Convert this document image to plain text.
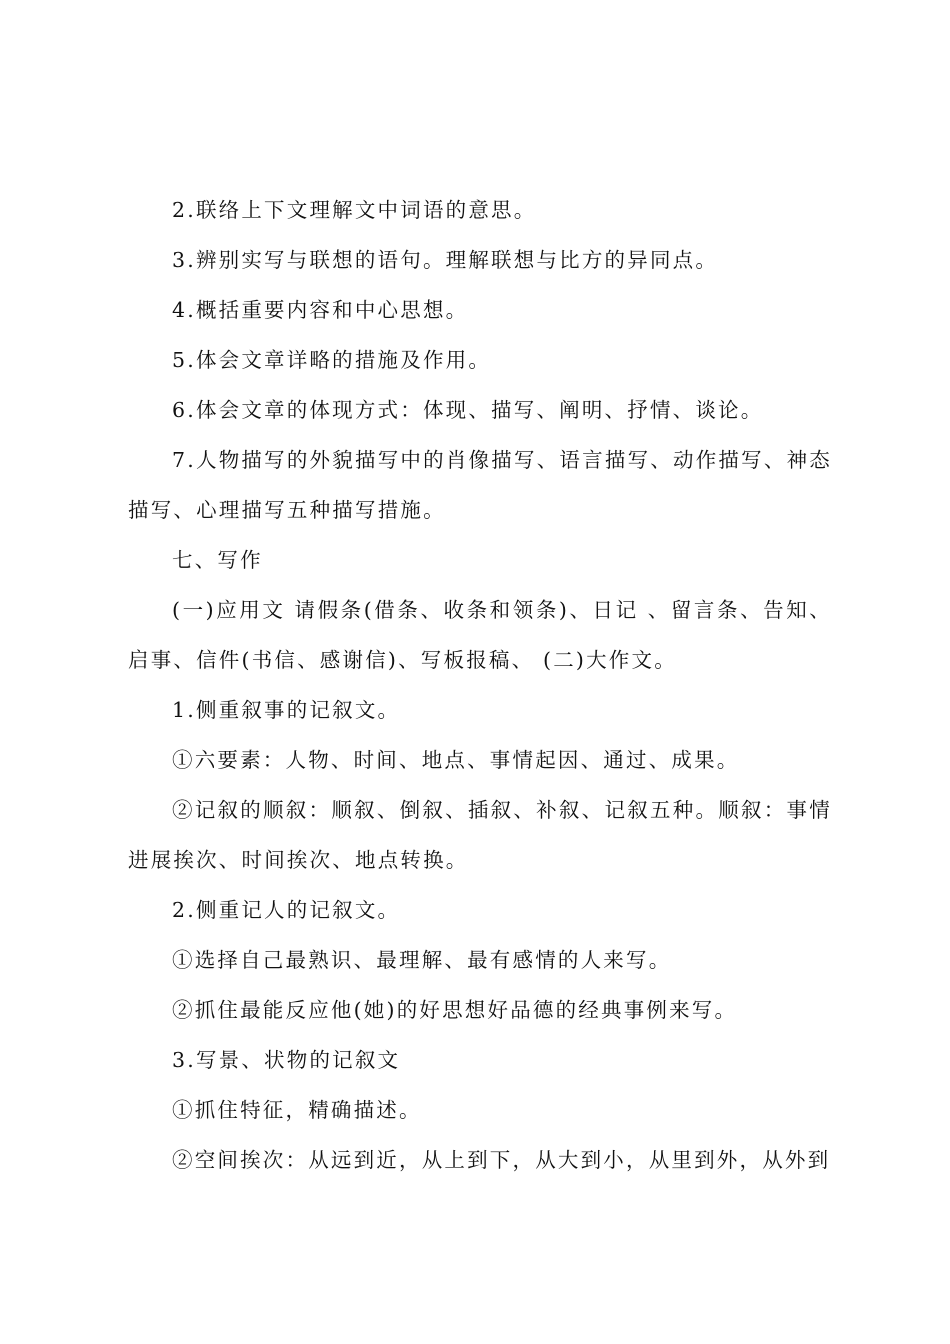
2.联络上下文理解文中词语的意思。

3.辨别实写与联想的语句。理解联想与比方的异同点。

4.概括重要内容和中心思想。

5.体会文章详略的措施及作用。

6.体会文章的体现方式：体现、描写、阐明、抒情、谈论。

7.人物描写的外貌描写中的肖像描写、语言描写、动作描写、神态描写、心理描写五种描写措施。

七、写作

(一)应用文 请假条(借条、收条和领条)、日记 、留言条、告知、启事、信件(书信、感谢信)、写板报稿、 (二)大作文。

1.侧重叙事的记叙文。

①六要素：人物、时间、地点、事情起因、通过、成果。

②记叙的顺叙：顺叙、倒叙、插叙、补叙、记叙五种。顺叙：事情进展挨次、时间挨次、地点转换。

2.侧重记人的记叙文。

①选择自己最熟识、最理解、最有感情的人来写。

②抓住最能反应他(她)的好思想好品德的经典事例来写。

3.写景、状物的记叙文

①抓住特征，精确描述。

②空间挨次：从远到近，从上到下，从大到小，从里到外，从外到
